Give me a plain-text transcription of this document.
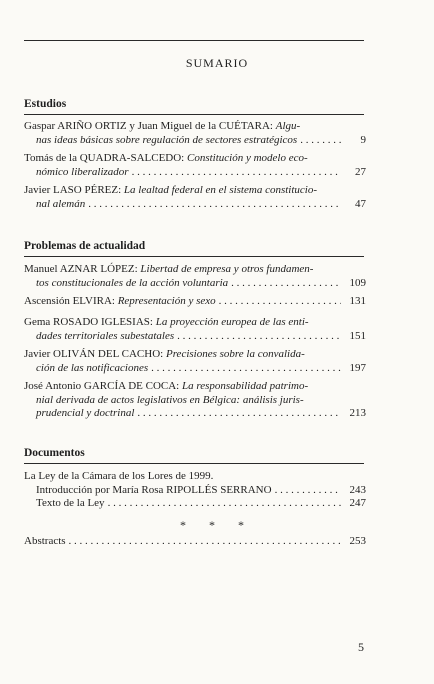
SUMARIO
Estudios
Gaspar ARIÑO ORTIZ y Juan Miguel de la CUÉTARA: Algu-
nas ideas básicas sobre regulación de sectores estratégicos . . .	9
Tomás de la QUADRA-SALCEDO: Constitución y modelo eco-
nómico liberalizador . . .	27
Javier LASO PÉREZ: La lealtad federal en el sistema constitucio-
nal alemán . . .	47
Problemas de actualidad
Manuel AZNAR LÓPEZ: Libertad de empresa y otros fundamen-
tos constitucionales de la acción voluntaria . . .	109
Ascensión ELVIRA:
Representación y sexo . . .	131
Gema ROSADO IGLESIAS: La proyección europea de las enti-
dades territoriales subestatales . . .	151
Javier OLIVÁN DEL CACHO: Precisiones sobre la convalida-
ción de las notificaciones . . .	197
José Antonio GARCÍA DE COCA: La responsabilidad patrimo-
nial derivada de actos legislativos en Bélgica: análisis juris-
prudencial y doctrinal . . .	213
Documentos
La Ley de la Cámara de los Lores de 1999.
Introducción por María Rosa RIPOLLÉS SERRANO . . .	243
Texto de la Ley . . .	247
* * *
Abstracts . . .	253
5
